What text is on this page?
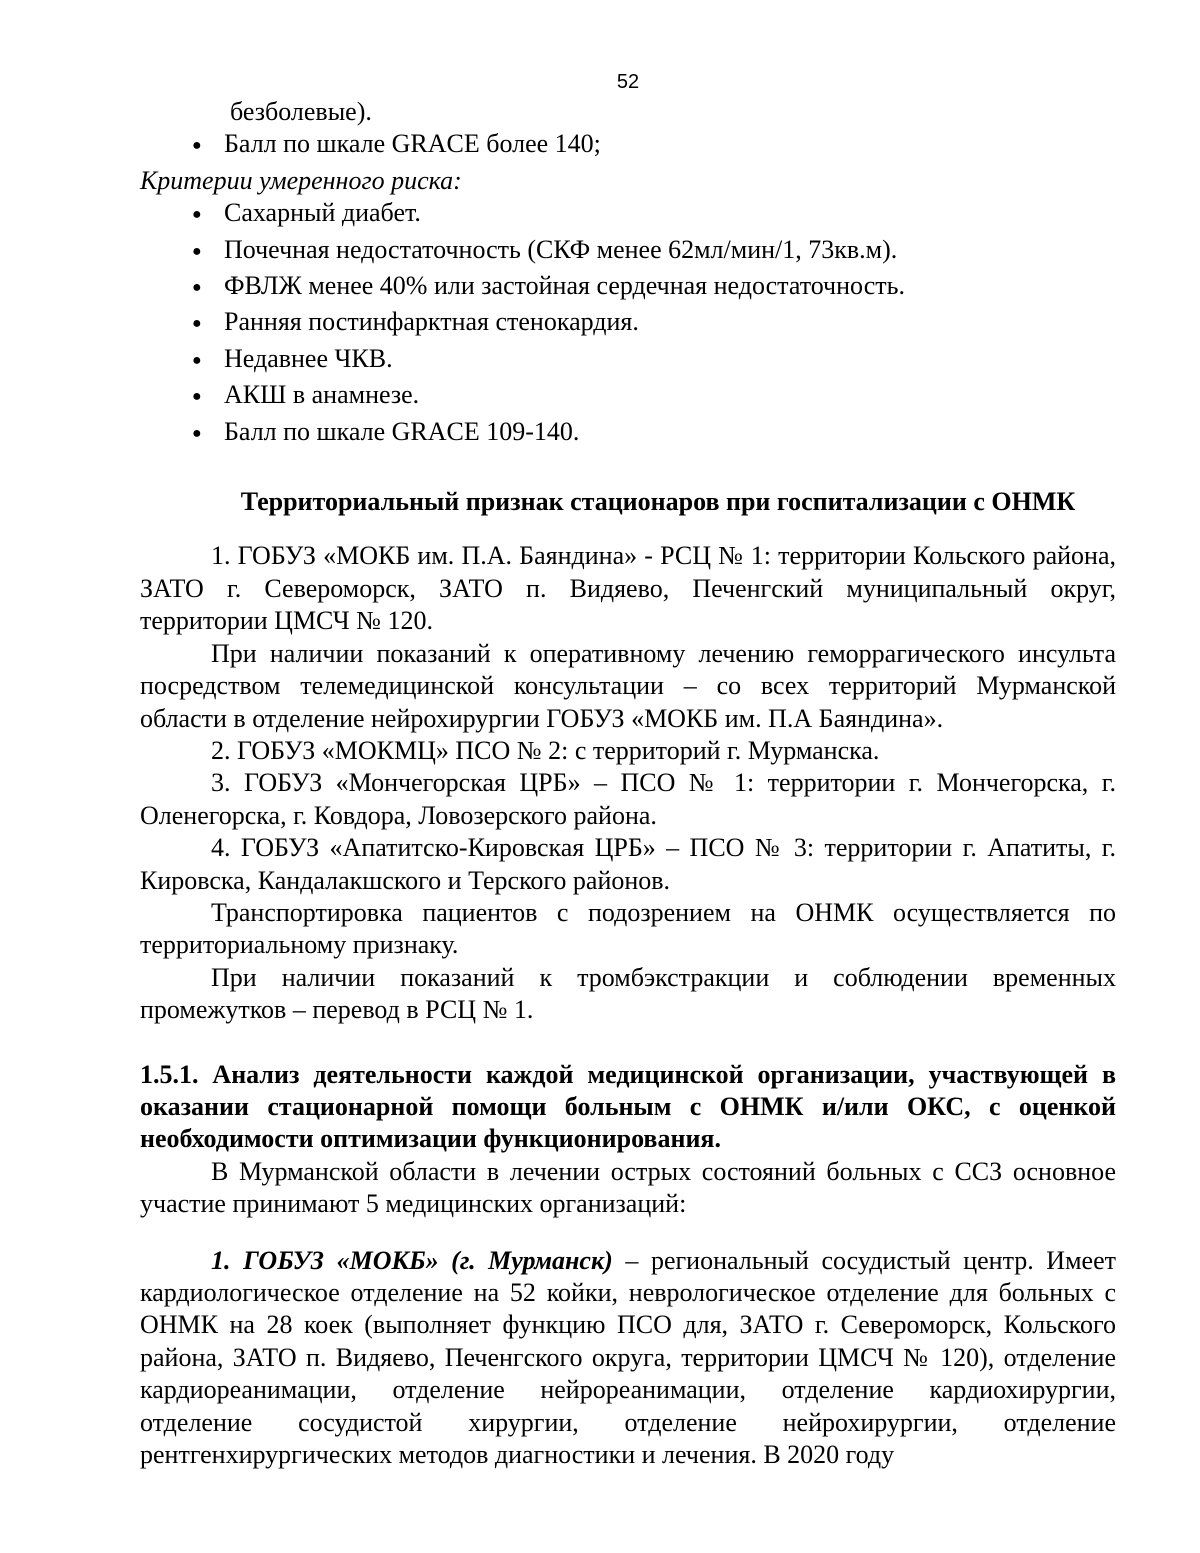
52

безболевые).

● Балл по шкале GRACE более 140;

Критерии умеренного риска:

● Сахарный диабет.
● Почечная недостаточность (СКФ менее 62мл/мин/1, 73кв.м).
● ФВЛЖ менее 40% или застойная сердечная недостаточность.
● Ранняя постинфарктная стенокардия.
● Недавнее ЧКВ.
● АКШ в анамнезе.
● Балл по шкале GRACE 109-140.

Территориальный признак стационаров при госпитализации с ОНМК

1. ГОБУЗ «МОКБ им. П.А. Баяндина» - РСЦ № 1: территории Кольского района, ЗАТО г. Североморск, ЗАТО п. Видяево, Печенгский муниципальный округ, территории ЦМСЧ № 120.

При наличии показаний к оперативному лечению геморрагического инсульта посредством телемедицинской консультации – со всех территорий Мурманской области в отделение нейрохирургии ГОБУЗ «МОКБ им. П.А Баяндина».

2. ГОБУЗ «МОКМЦ» ПСО № 2: с территорий г. Мурманска.

3. ГОБУЗ «Мончегорская ЦРБ» – ПСО № 1: территории г. Мончегорска, г. Оленегорска, г. Ковдора, Ловозерского района.

4. ГОБУЗ «Апатитско-Кировская ЦРБ» – ПСО № 3: территории г. Апатиты, г. Кировска, Кандалакшского и Терского районов.

Транспортировка пациентов с подозрением на ОНМК осуществляется по территориальному признаку.

При наличии показаний к тромбэкстракции и соблюдении временных промежутков – перевод в РСЦ № 1.

1.5.1. Анализ деятельности каждой медицинской организации, участвующей в оказании стационарной помощи больным с ОНМК и/или ОКС, с оценкой необходимости оптимизации функционирования.

В Мурманской области в лечении острых состояний больных с ССЗ основное участие принимают 5 медицинских организаций:

1. ГОБУЗ «МОКБ» (г. Мурманск) – региональный сосудистый центр. Имеет кардиологическое отделение на 52 койки, неврологическое отделение для больных с ОНМК на 28 коек (выполняет функцию ПСО для, ЗАТО г. Североморск, Кольского района, ЗАТО п. Видяево, Печенгского округа, территории ЦМСЧ № 120), отделение кардиореанимации, отделение нейрореанимации, отделение кардиохирургии, отделение сосудистой хирургии, отделение нейрохирургии, отделение рентгенхирургических методов диагностики и лечения. В 2020 году
